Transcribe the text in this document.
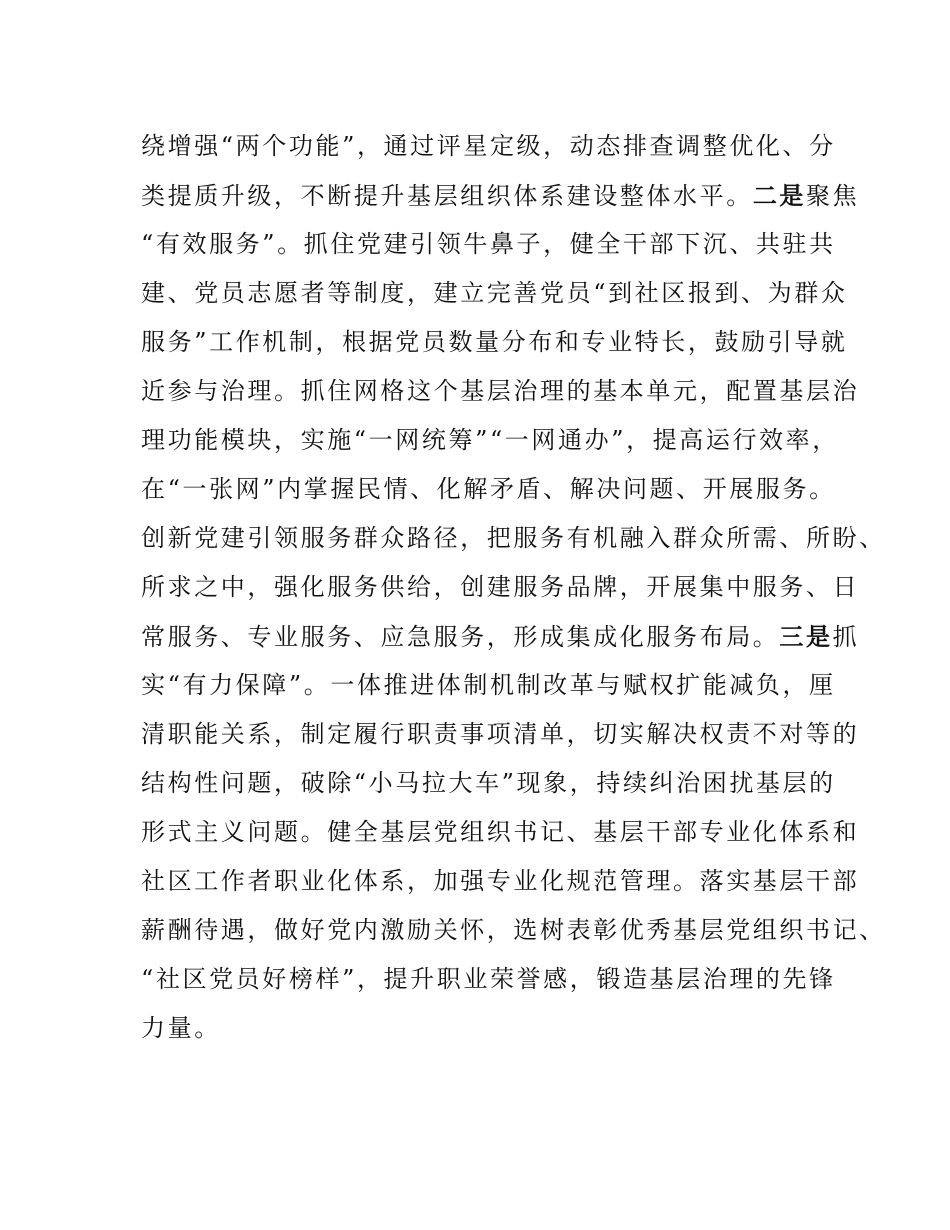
绕增强“两个功能”，通过评星定级，动态排查调整优化、分
类提质升级，不断提升基层组织体系建设整体水平。二是聚焦
“有效服务”。抓住党建引领牛鼻子，健全干部下沉、共驻共
建、党员志愿者等制度，建立完善党员“到社区报到、为群众
服务”工作机制，根据党员数量分布和专业特长，鼓励引导就
近参与治理。抓住网格这个基层治理的基本单元，配置基层治
理功能模块，实施“一网统筹”“一网通办”，提高运行效率，
在“一张网”内掌握民情、化解矛盾、解决问题、开展服务。
创新党建引领服务群众路径，把服务有机融入群众所需、所盼、
所求之中，强化服务供给，创建服务品牌，开展集中服务、日
常服务、专业服务、应急服务，形成集成化服务布局。三是抓
实“有力保障”。一体推进体制机制改革与赋权扩能减负，厘
清职能关系，制定履行职责事项清单，切实解决权责不对等的
结构性问题，破除“小马拉大车”现象，持续纠治困扰基层的
形式主义问题。健全基层党组织书记、基层干部专业化体系和
社区工作者职业化体系，加强专业化规范管理。落实基层干部
薪酬待遇，做好党内激励关怀，选树表彰优秀基层党组织书记、
“社区党员好榜样”，提升职业荣誉感，锻造基层治理的先锋
力量。
